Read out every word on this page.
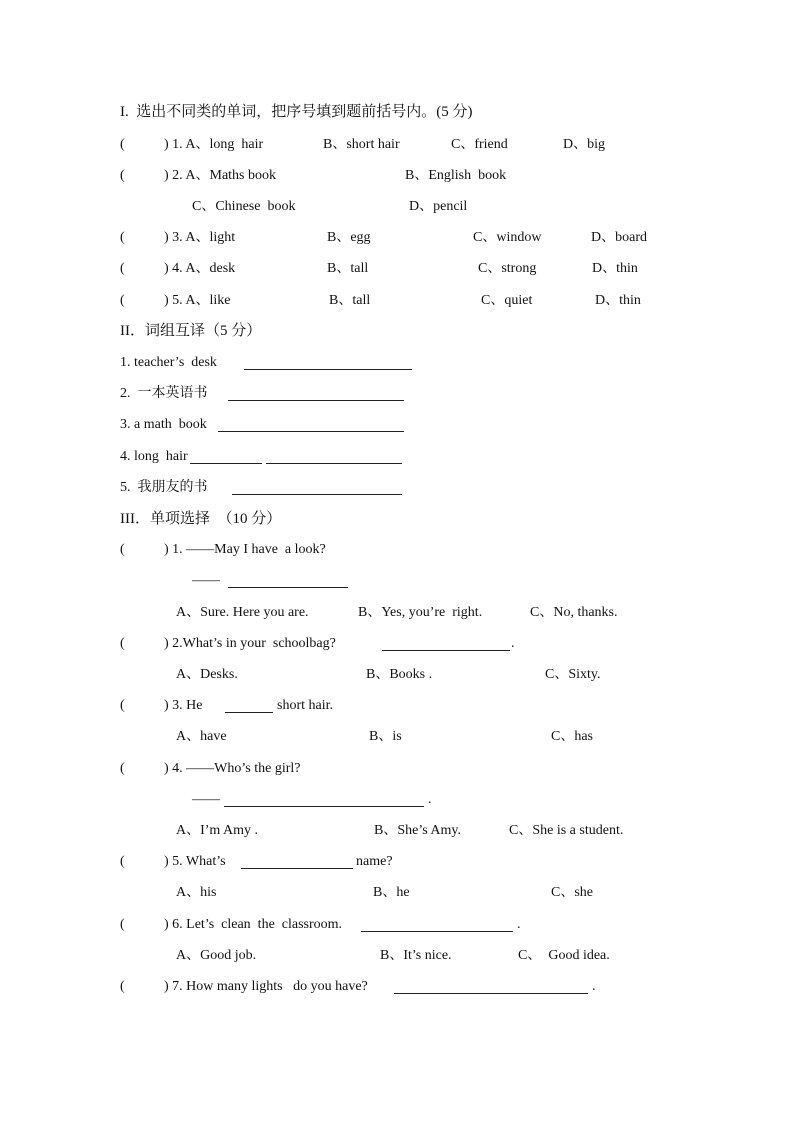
I.  选出不同类的单词，把序号填到题前括号内。(5 分)
(	) 1. A、long  hair	B、short hair	C、friend	D、big
(	) 2. A、Maths book	B、English  book
C、Chinese  book	D、pencil
(	) 3. A、light	B、egg	C、window	D、board
(	) 4. A、desk	B、tall	C、strong	D、thin
(	) 5. A、like	B、tall	C、quiet	D、thin
II．词组互译（5 分）
1. teacher’s  desk
2.  一本英语书
3. a math  book
4. long  hair
5.  我朋友的书
III．单项选择　（10 分）
(	) 1. ——May I have  a look?
——
A、Sure. Here you are.	B、Yes, you’re  right.	C、No, thanks.
(	) 2.What’s in your  schoolbag?	.
A、Desks.	B、Books .	C、Sixty.
(	) 3. He	short hair.
A、have	B、is	C、has
(	) 4. ——Who’s the girl?
——	.
A、I’m Amy .	B、She’s Amy.	C、She is a student.
(	) 5. What’s	name?
A、his	B、he	C、she
(	) 6. Let’s  clean  the  classroom.	.
A、Good job.	B、It’s nice.	C、  Good idea.
(	) 7. How many lights   do you have?	.
